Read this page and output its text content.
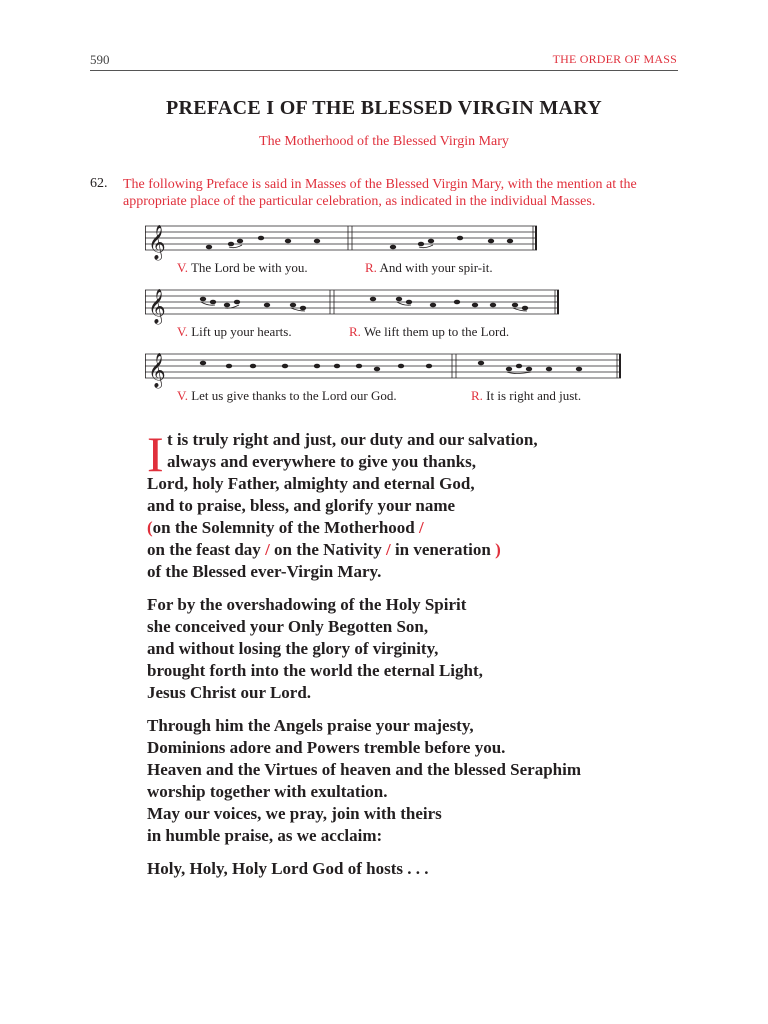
590	THE ORDER OF MASS
PREFACE I OF THE BLESSED VIRGIN MARY
The Motherhood of the Blessed Virgin Mary
62. The following Preface is said in Masses of the Blessed Virgin Mary, with the mention at the appropriate place of the particular celebration, as indicated in the individual Masses.
𝄞
V. The Lord be with you.	R. And with your spir-it.
𝄞
V. Lift up your hearts.	R. We lift them up to the Lord.
𝄞
V. Let us give thanks to the Lord our God.	R. It is right and just.
I t is truly right and just, our duty and our salvation,
always and everywhere to give you thanks,
Lord, holy Father, almighty and eternal God,
and to praise, bless, and glorify your name
(on the Solemnity of the Motherhood /
on the feast day / on the Nativity / in veneration )
of the Blessed ever-Virgin Mary.
For by the overshadowing of the Holy Spirit
she conceived your Only Begotten Son,
and without losing the glory of virginity,
brought forth into the world the eternal Light,
Jesus Christ our Lord.
Through him the Angels praise your majesty,
Dominions adore and Powers tremble before you.
Heaven and the Virtues of heaven and the blessed Seraphim
worship together with exultation.
May our voices, we pray, join with theirs
in humble praise, as we acclaim:
Holy, Holy, Holy Lord God of hosts . . .
